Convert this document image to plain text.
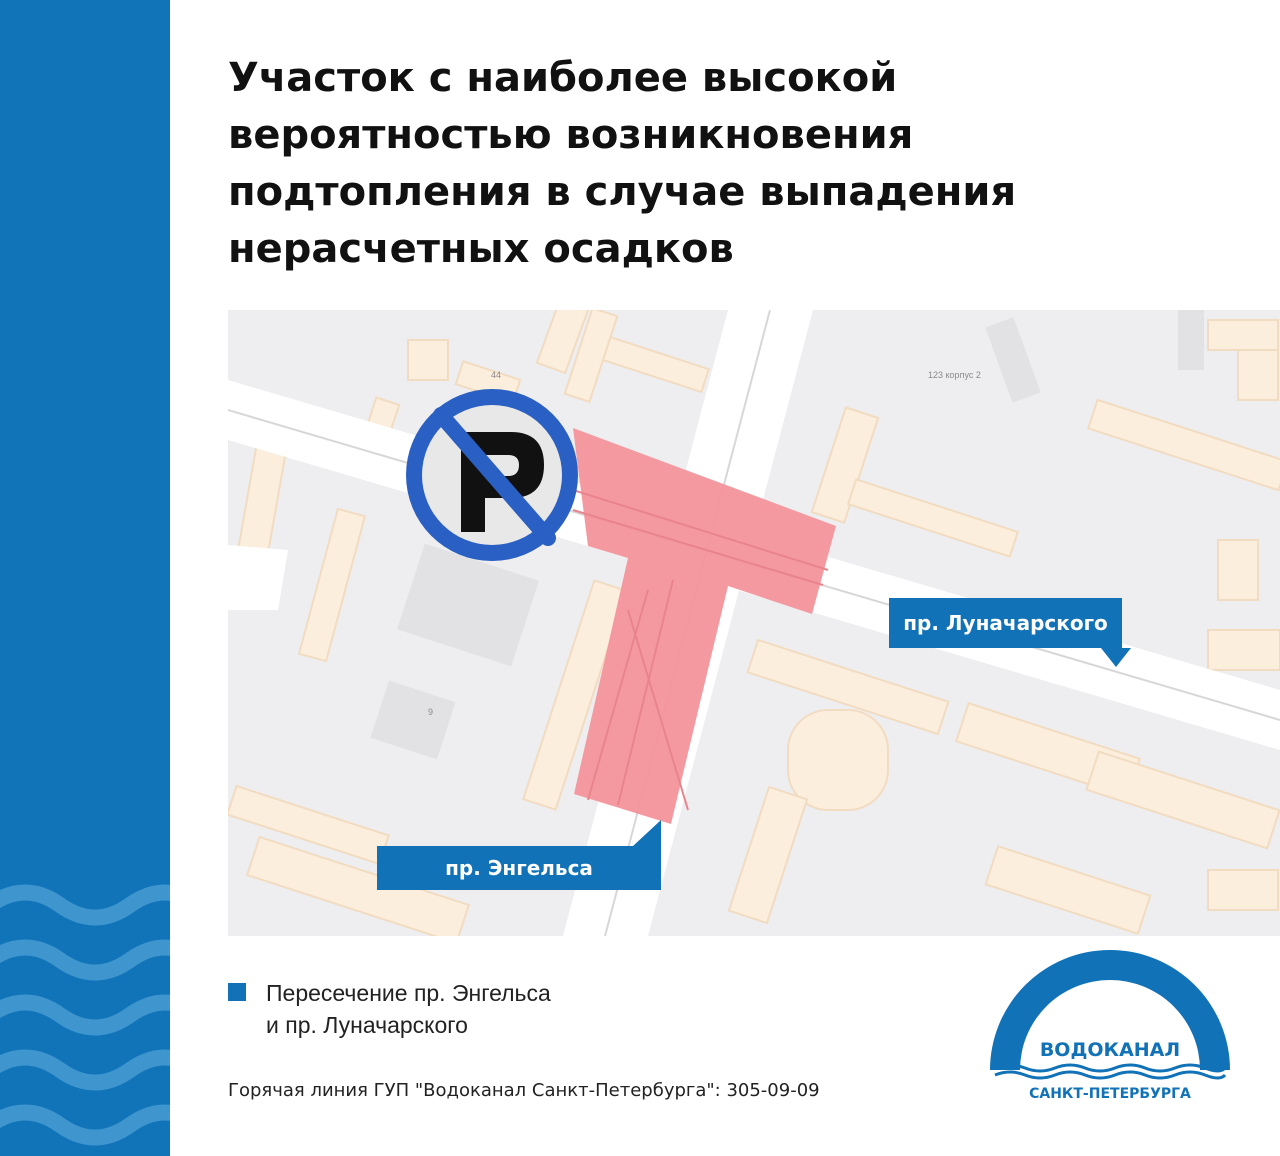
Участок с наиболее высокой
вероятностью возникновения
подтопления в случае выпадения
нерасчетных осадков
44	123 корпус 2
9
пр. Луначарского
пр. Энгельса
Пересечение пр. Энгельса
и пр. Луначарского
Горячая линия ГУП "Водоканал Санкт-Петербурга": 305-09-09
ВОДОКАНАЛ
САНКТ-ПЕТЕРБУРГА
